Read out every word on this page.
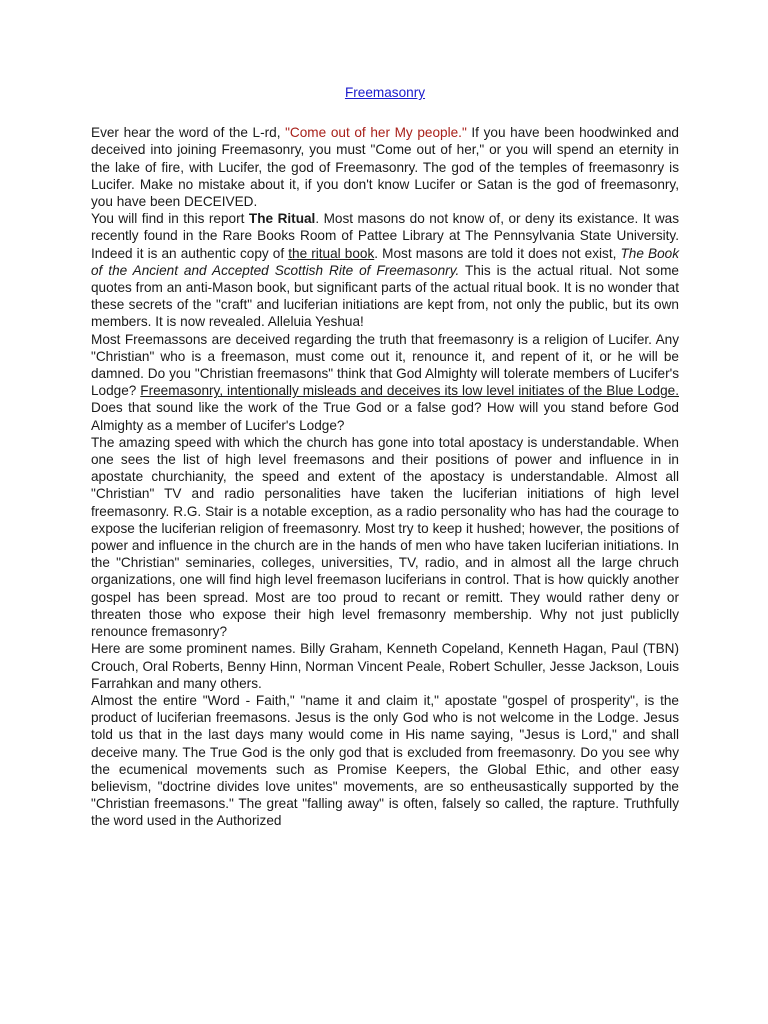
Freemasonry

Ever hear the word of the L-rd, "Come out of her My people." If you have been hoodwinked and deceived into joining Freemasonry, you must "Come out of her," or you will spend an eternity in the lake of fire, with Lucifer, the god of Freemasonry. The god of the temples of freemasonry is Lucifer. Make no mistake about it, if you don't know Lucifer or Satan is the god of freemasonry, you have been DECEIVED.

You will find in this report The Ritual. Most masons do not know of, or deny its existance. It was recently found in the Rare Books Room of Pattee Library at The Pennsylvania State University. Indeed it is an authentic copy of the ritual book. Most masons are told it does not exist, The Book of the Ancient and Accepted Scottish Rite of Freemasonry. This is the actual ritual. Not some quotes from an anti-Mason book, but significant parts of the actual ritual book. It is no wonder that these secrets of the "craft" and luciferian initiations are kept from, not only the public, but its own members. It is now revealed. Alleluia Yeshua!

Most Freemassons are deceived regarding the truth that freemasonry is a religion of Lucifer. Any "Christian" who is a freemason, must come out it, renounce it, and repent of it, or he will be damned. Do you "Christian freemasons" think that God Almighty will tolerate members of Lucifer's Lodge? Freemasonry, intentionally misleads and deceives its low level initiates of the Blue Lodge. Does that sound like the work of the True God or a false god? How will you stand before God Almighty as a member of Lucifer's Lodge?

The amazing speed with which the church has gone into total apostacy is understandable. When one sees the list of high level freemasons and their positions of power and influence in in apostate churchianity, the speed and extent of the apostacy is understandable. Almost all "Christian" TV and radio personalities have taken the luciferian initiations of high level freemasonry. R.G. Stair is a notable exception, as a radio personality who has had the courage to expose the luciferian religion of freemasonry. Most try to keep it hushed; however, the positions of power and influence in the church are in the hands of men who have taken luciferian initiations. In the "Christian" seminaries, colleges, universities, TV, radio, and in almost all the large chruch organizations, one will find high level freemason luciferians in control. That is how quickly another gospel has been spread. Most are too proud to recant or remitt. They would rather deny or threaten those who expose their high level fremasonry membership. Why not just publiclly renounce fremasonry?

Here are some prominent names. Billy Graham, Kenneth Copeland, Kenneth Hagan, Paul (TBN) Crouch, Oral Roberts, Benny Hinn, Norman Vincent Peale, Robert Schuller, Jesse Jackson, Louis Farrahkan and many others.

Almost the entire "Word - Faith," "name it and claim it," apostate "gospel of prosperity", is the product of luciferian freemasons. Jesus is the only God who is not welcome in the Lodge. Jesus told us that in the last days many would come in His name saying, "Jesus is Lord," and shall deceive many. The True God is the only god that is excluded from freemasonry. Do you see why the ecumenical movements such as Promise Keepers, the Global Ethic, and other easy believism, "doctrine divides love unites" movements, are so entheusastically supported by the "Christian freemasons." The great "falling away" is often, falsely so called, the rapture. Truthfully the word used in the Authorized
